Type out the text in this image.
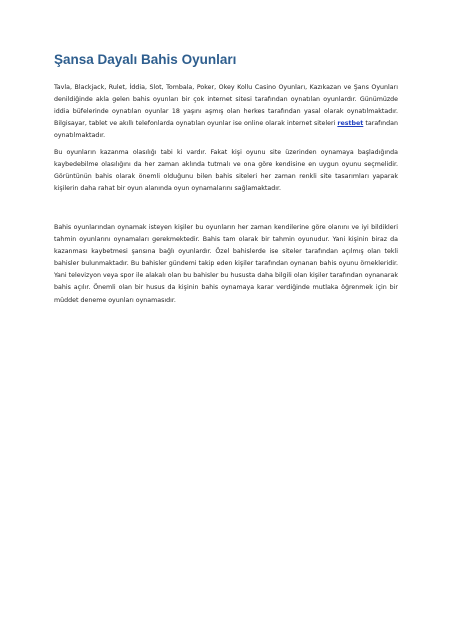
Şansa Dayalı Bahis Oyunları

Tavla, Blackjack, Rulet, İddia, Slot, Tombala, Poker, Okey Kollu Casino Oyunları, Kazıkazan ve Şans Oyunları denildiğinde akla gelen bahis oyunları bir çok internet sitesi tarafından oynatılan oyunlardır. Günümüzde iddia büfelerinde oynatılan oyunlar 18 yaşını aşmış olan herkes tarafından yasal olarak oynatılmaktadır. Bilgisayar, tablet ve akıllı telefonlarda oynatılan oyunlar ise online olarak internet siteleri restbet tarafından oynatılmaktadır.

Bu oyunların kazanma olasılığı tabi ki vardır. Fakat kişi oyunu site üzerinden oynamaya başladığında kaybedebilme olasılığını da her zaman aklında tutmalı ve ona göre kendisine en uygun oyunu seçmelidir. Görüntünün bahis olarak önemli olduğunu bilen bahis siteleri her zaman renkli site tasarımları yaparak kişilerin daha rahat bir oyun alanında oyun oynamalarını sağlamaktadır.

Bahis oyunlarından oynamak isteyen kişiler bu oyunların her zaman kendilerine göre olanını ve iyi bildikleri tahmin oyunlarını oynamaları gerekmektedir. Bahis tam olarak bir tahmin oyunudur. Yani kişinin biraz da kazanması kaybetmesi şansına bağlı oyunlardır. Özel bahislerde ise siteler tarafından açılmış olan tekli bahisler bulunmaktadır. Bu bahisler gündemi takip eden kişiler tarafından oynanan bahis oyunu örnekleridir. Yani televizyon veya spor ile alakalı olan bu bahisler bu hususta daha bilgili olan kişiler tarafından oynanarak bahis açılır. Önemli olan bir husus da kişinin bahis oynamaya karar verdiğinde mutlaka öğrenmek için bir müddet deneme oyunları oynamasıdır.
